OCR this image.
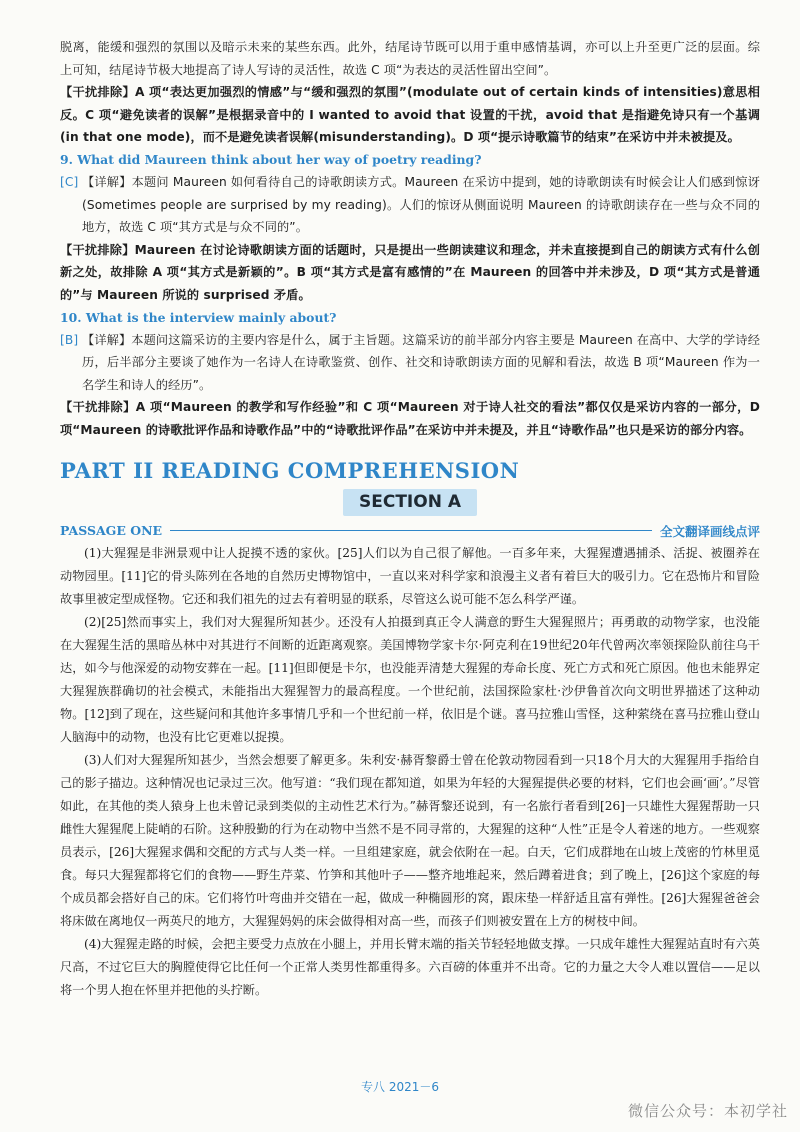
脱离，能缓和强烈的氛围以及暗示未来的某些东西。此外，结尾诗节既可以用于重申感情基调，亦可以上升至更广泛的层面。综上可知，结尾诗节极大地提高了诗人写诗的灵活性，故选 C 项“为表达的灵活性留出空间”。

【干扰排除】A 项“表达更加强烈的情感”与“缓和强烈的氛围”(modulate out of certain kinds of intensities)意思相反。C 项“避免读者的误解”是根据录音中的 I wanted to avoid that 设置的干扰，avoid that 是指避免诗只有一个基调(in that one mode)，而不是避免读者误解(misunderstanding)。D 项“提示诗歌篇节的结束”在采访中并未被提及。

9. What did Maureen think about her way of poetry reading?

[C] 【详解】本题问 Maureen 如何看待自己的诗歌朗读方式。Maureen 在采访中提到，她的诗歌朗读有时候会让人们感到惊讶(Sometimes people are surprised by my reading)。人们的惊讶从侧面说明 Maureen 的诗歌朗读存在一些与众不同的地方，故选 C 项“其方式是与众不同的”。

【干扰排除】Maureen 在讨论诗歌朗读方面的话题时，只是提出一些朗读建议和理念，并未直接提到自己的朗读方式有什么创新之处，故排除 A 项“其方式是新颖的”。B 项“其方式是富有感情的”在 Maureen 的回答中并未涉及，D 项“其方式是普通的”与 Maureen 所说的 surprised 矛盾。

10. What is the interview mainly about?

[B] 【详解】本题问这篇采访的主要内容是什么，属于主旨题。这篇采访的前半部分内容主要是 Maureen 在高中、大学的学诗经历，后半部分主要谈了她作为一名诗人在诗歌鉴赏、创作、社交和诗歌朗读方面的见解和看法，故选 B 项“Maureen 作为一名学生和诗人的经历”。

【干扰排除】A 项“Maureen 的教学和写作经验”和 C 项“Maureen 对于诗人社交的看法”都仅仅是采访内容的一部分，D 项“Maureen 的诗歌批评作品和诗歌作品”中的“诗歌批评作品”在采访中并未提及，并且“诗歌作品”也只是采访的部分内容。

PART II READING COMPREHENSION

SECTION A
PASSAGE ONE	全文翻译画线点评

(1)大猩猩是非洲景观中让人捉摸不透的家伙。[25]人们以为自己很了解他。一百多年来，大猩猩遭遇捕杀、活捉、被圈养在动物园里。[11]它的骨头陈列在各地的自然历史博物馆中，一直以来对科学家和浪漫主义者有着巨大的吸引力。它在恐怖片和冒险故事里被定型成怪物。它还和我们祖先的过去有着明显的联系，尽管这么说可能不怎么科学严谨。

(2)[25]然而事实上，我们对大猩猩所知甚少。还没有人拍摄到真正令人满意的野生大猩猩照片；再勇敢的动物学家，也没能在大猩猩生活的黑暗丛林中对其进行不间断的近距离观察。美国博物学家卡尔·阿克利在19世纪20年代曾两次率领探险队前往乌干达，如今与他深爱的动物安葬在一起。[11]但即便是卡尔，也没能弄清楚大猩猩的寿命长度、死亡方式和死亡原因。他也未能界定大猩猩族群确切的社会模式，未能指出大猩猩智力的最高程度。一个世纪前，法国探险家杜·沙伊鲁首次向文明世界描述了这种动物。[12]到了现在，这些疑问和其他许多事情几乎和一个世纪前一样，依旧是个谜。喜马拉雅山雪怪，这种萦绕在喜马拉雅山登山人脑海中的动物，也没有比它更难以捉摸。

(3)人们对大猩猩所知甚少，当然会想要了解更多。朱利安·赫胥黎爵士曾在伦敦动物园看到一只18个月大的大猩猩用手指给自己的影子描边。这种情况也记录过三次。他写道：“我们现在都知道，如果为年轻的大猩猩提供必要的材料，它们也会画‘画’。”尽管如此，在其他的类人猿身上也未曾记录到类似的主动性艺术行为。”赫胥黎还说到，有一名旅行者看到[26]一只雄性大猩猩帮助一只雌性大猩猩爬上陡峭的石阶。这种殷勤的行为在动物中当然不是不同寻常的，大猩猩的这种“人性”正是令人着迷的地方。一些观察员表示，[26]大猩猩求偶和交配的方式与人类一样。一旦组建家庭，就会依附在一起。白天，它们成群地在山坡上茂密的竹林里觅食。每只大猩猩都将它们的食物——野生芹菜、竹笋和其他叶子——整齐地堆起来，然后蹲着进食；到了晚上，[26]这个家庭的每个成员都会搭好自己的床。它们将竹叶弯曲并交错在一起，做成一种椭圆形的窝，跟床垫一样舒适且富有弹性。[26]大猩猩爸爸会将床做在离地仅一两英尺的地方，大猩猩妈妈的床会做得相对高一些，而孩子们则被安置在上方的树枝中间。

(4)大猩猩走路的时候，会把主要受力点放在小腿上，并用长臂末端的指关节轻轻地做支撑。一只成年雄性大猩猩站直时有六英尺高，不过它巨大的胸膛使得它比任何一个正常人类男性都重得多。六百磅的体重并不出奇。它的力量之大令人难以置信——足以将一个男人抱在怀里并把他的头拧断。

专八 2021－6
微信公众号：本初学社
